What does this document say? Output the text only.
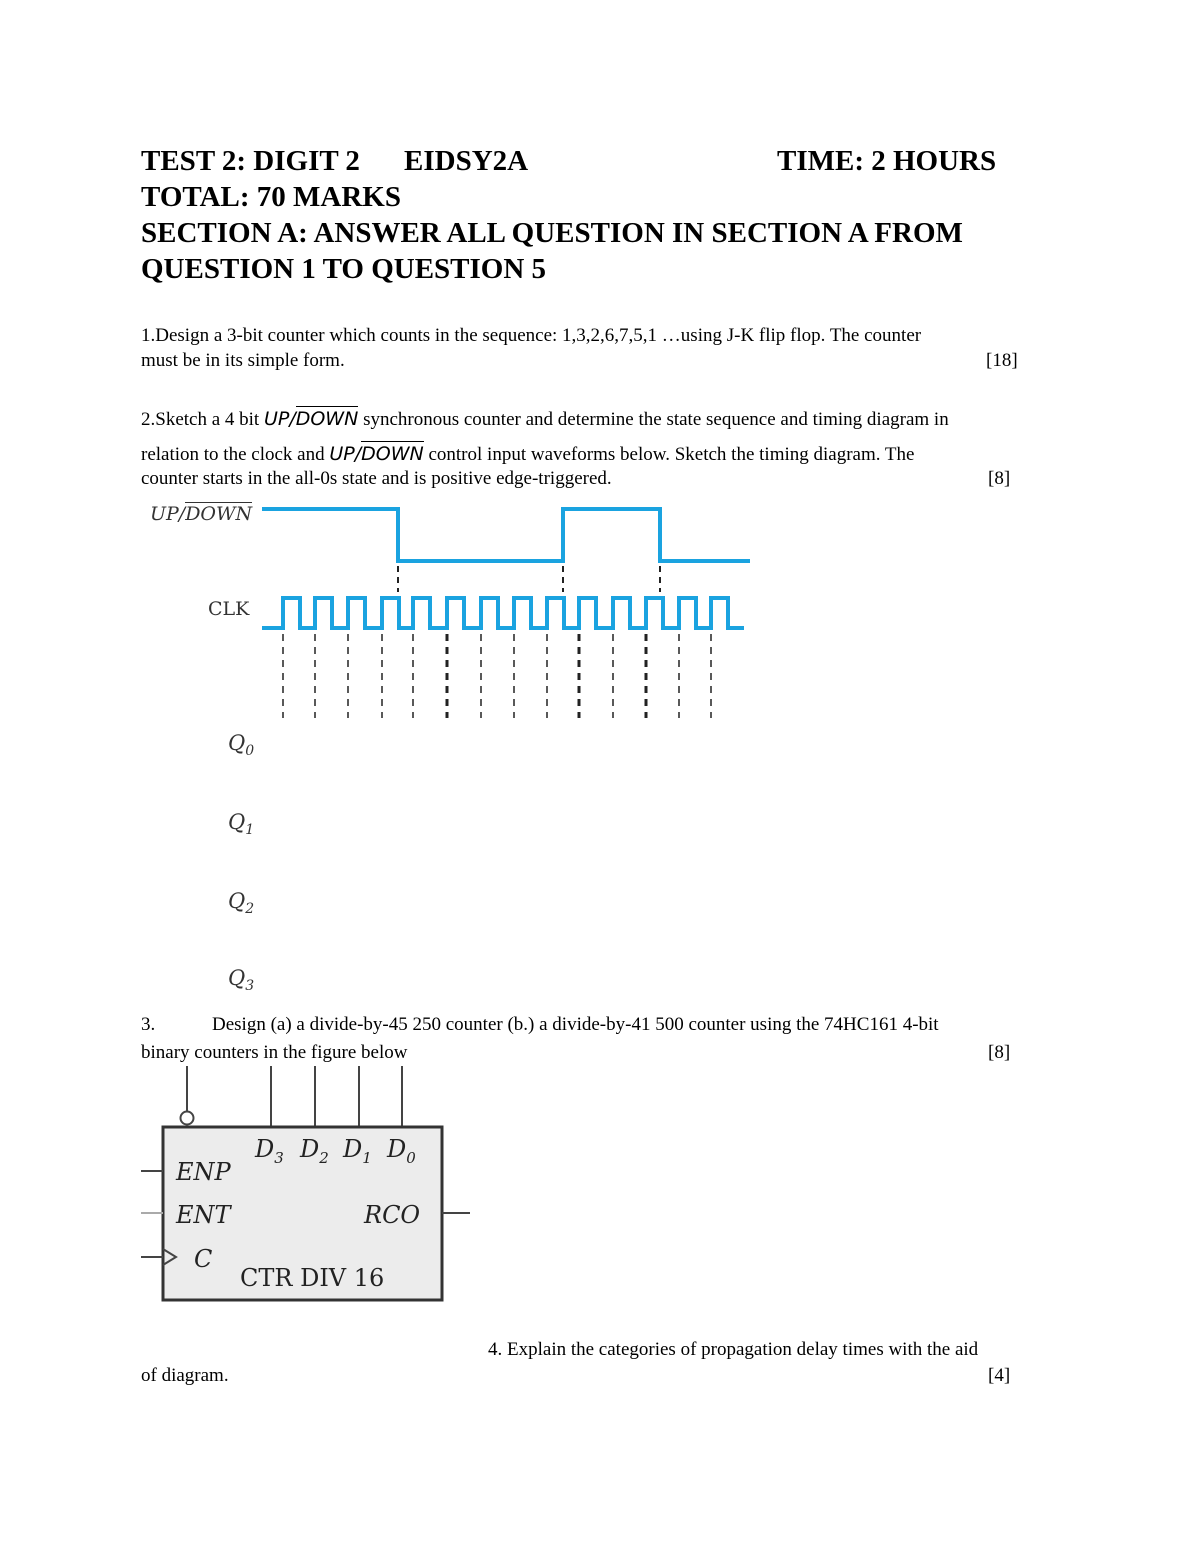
TEST 2: DIGIT 2 EIDSY2A	TIME: 2 HOURS
TOTAL: 70 MARKS
SECTION A: ANSWER ALL QUESTION IN SECTION A FROM
QUESTION 1 TO QUESTION 5
1.Design a 3-bit counter which counts in the sequence: 1,3,2,6,7,5,1 …using J-K flip flop. The counter
must be in its simple form.	[18]
2.Sketch a 4 bit UP/DOWN synchronous counter and determine the state sequence and timing diagram in
relation to the clock and UP/DOWN control input waveforms below. Sketch the timing diagram. The
counter starts in the all-0s state and is positive edge-triggered.	[8]
UP/DOWN
CLK
$Q_0$
$Q_1$
$Q_2$
$Q_3$
3.	Design (a) a divide-by-45 250 counter (b.) a divide-by-41 500 counter using the 74HC161 4-bit
binary counters in the figure below	[8]
$D_3$ $D_2$ $D_1$ $D_0$
ENP
ENT	RCO
C
CTR DIV 16
4. Explain the categories of propagation delay times with the aid
of diagram.	[4]
